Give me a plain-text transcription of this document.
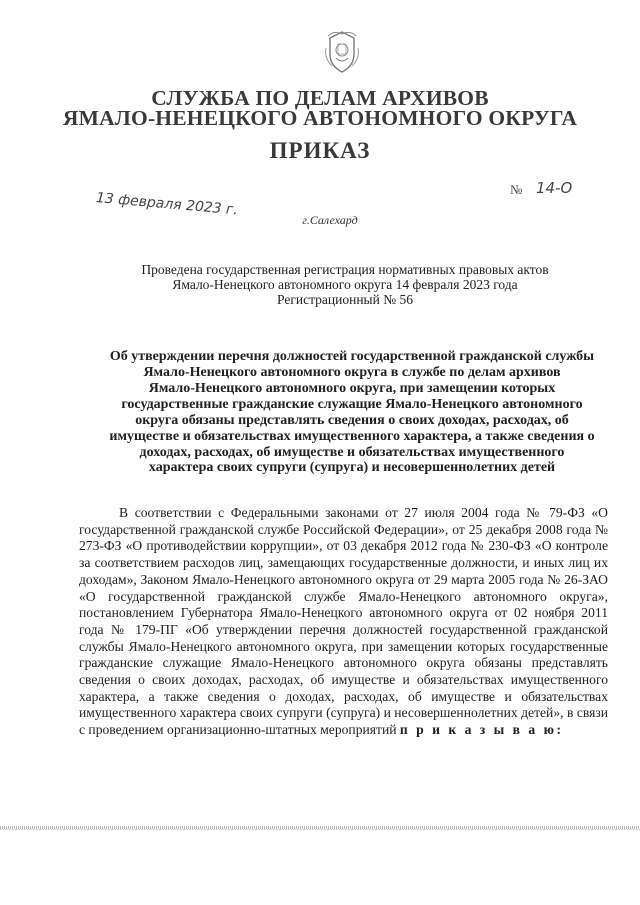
СЛУЖБА ПО ДЕЛАМ АРХИВОВ
ЯМАЛО-НЕНЕЦКОГО АВТОНОМНОГО ОКРУГА
ПРИКАЗ
13 февраля 2023 г.
№ 14-О
г.Салехард
Проведена государственная регистрация нормативных правовых актов
Ямало-Ненецкого автономного округа 14 февраля 2023 года
Регистрационный № 56
Об утверждении перечня должностей государственной гражданской службы
Ямало-Ненецкого автономного округа в службе по делам архивов
Ямало-Ненецкого автономного округа, при замещении которых
государственные гражданские служащие Ямало-Ненецкого автономного
округа обязаны представлять сведения о своих доходах, расходах, об
имуществе и обязательствах имущественного характера, а также сведения о
доходах, расходах, об имуществе и обязательствах имущественного
характера своих супруги (супруга) и несовершеннолетних детей
В соответствии с Федеральными законами от 27 июля 2004 года № 79-ФЗ «О государственной гражданской службе Российской Федерации», от 25 декабря 2008 года № 273-ФЗ «О противодействии коррупции», от 03 декабря 2012 года № 230-ФЗ «О контроле за соответствием расходов лиц, замещающих государственные должности, и иных лиц их доходам», Законом Ямало-Ненецкого автономного округа от 29 марта 2005 года № 26-ЗАО «О государственной гражданской службе Ямало-Ненецкого автономного округа», постановлением Губернатора Ямало-Ненецкого автономного округа от 02 ноября 2011 года № 179-ПГ «Об утверждении перечня должностей государственной гражданской службы Ямало-Ненецкого автономного округа, при замещении которых государственные гражданские служащие Ямало-Ненецкого автономного округа обязаны представлять сведения о своих доходах, расходах, об имуществе и обязательствах имущественного характера, а также сведения о доходах, расходах, об имуществе и обязательствах имущественного характера своих супруги (супруга) и несовершеннолетних детей», в связи с проведением организационно-штатных мероприятий п р и к а з ы в а ю:
